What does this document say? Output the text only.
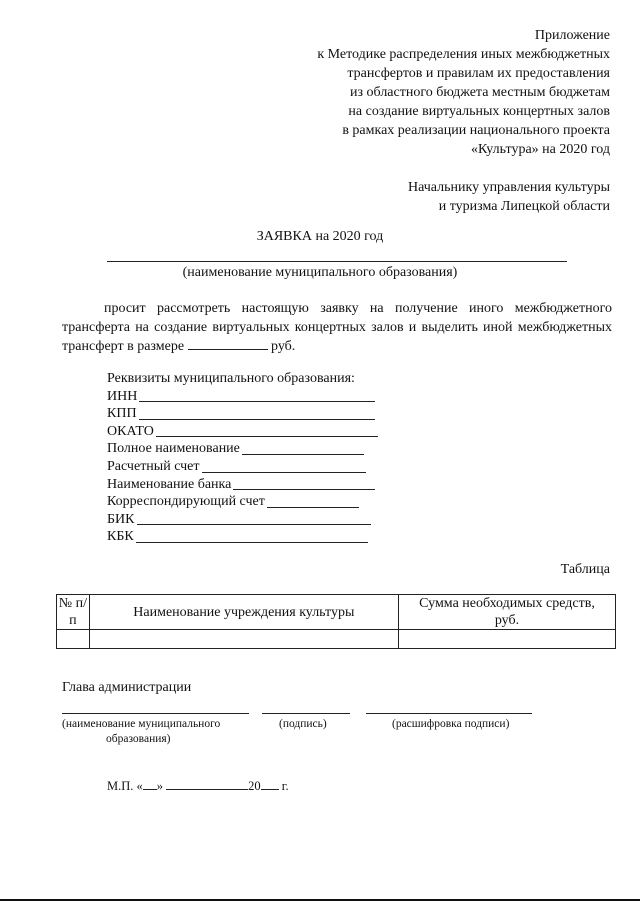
Приложение
к Методике распределения иных межбюджетных
трансфертов и правилам их предоставления
из областного бюджета местным бюджетам
на создание виртуальных концертных залов
в рамках реализации национального проекта
«Культура» на 2020 год
Начальнику управления культуры
и туризма Липецкой области
ЗАЯВКА на 2020 год
(наименование муниципального образования)
просит рассмотреть настоящую заявку на получение иного межбюджетного трансферта на создание виртуальных концертных залов и выделить иной межбюджетных трансферт в размере	руб.
Реквизиты муниципального образования:
ИНН
КПП
ОКАТО
Полное наименование
Расчетный счет
Наименование банка
Корреспондирующий счет
БИК
КБК
Таблица
№ п/п	Наименование учреждения культуры	Сумма необходимых средств, руб.

Глава администрации
(наименование муниципального
образования)
(подпись)	(расшифровка подписи)
М.П. « »	20 г.
